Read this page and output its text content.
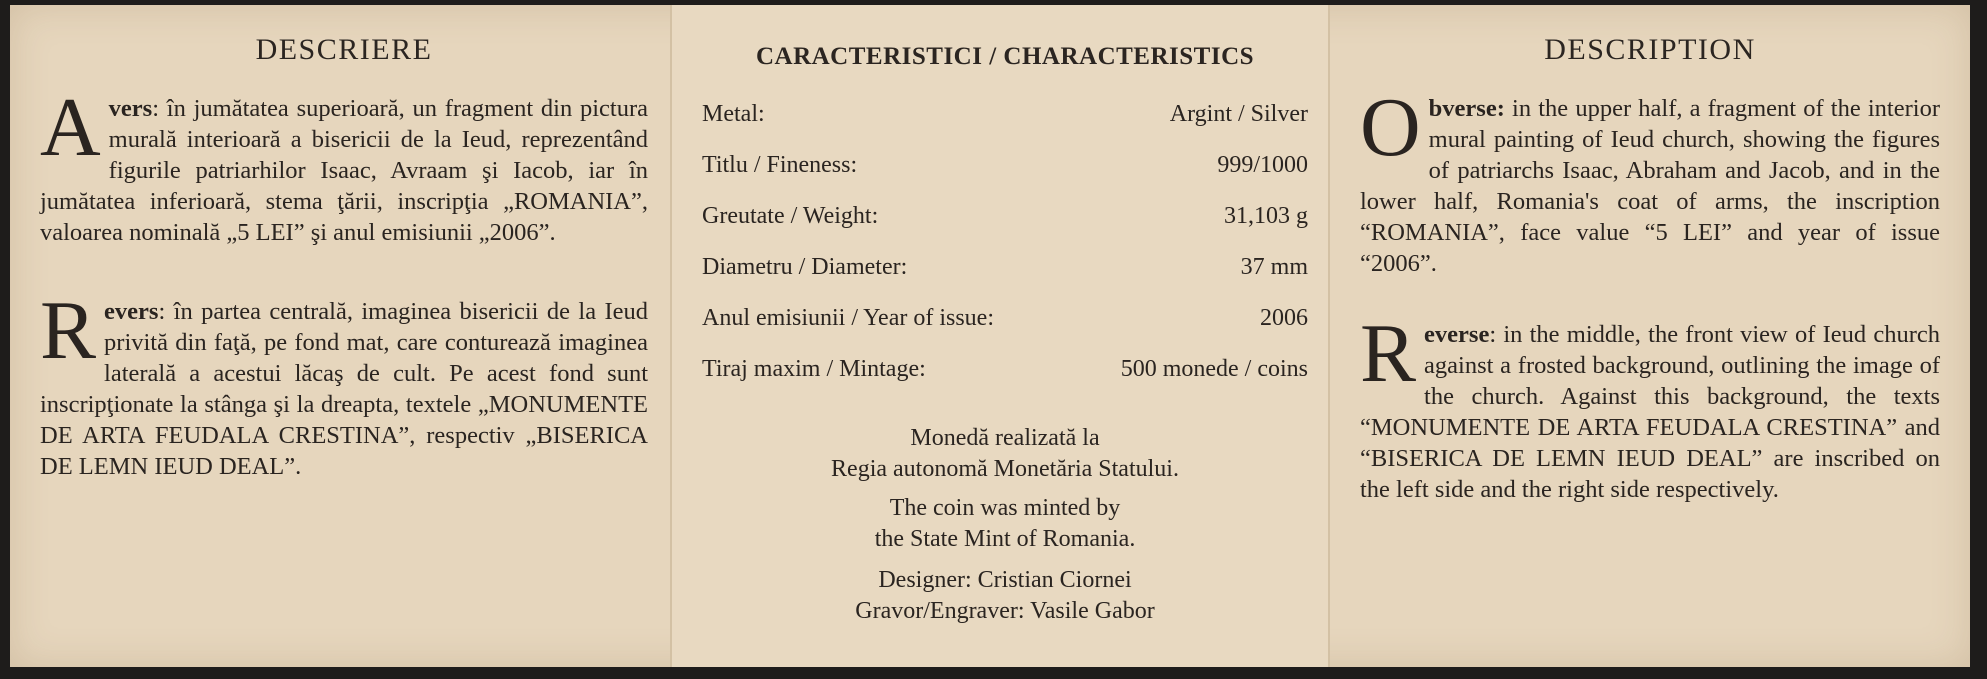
DESCRIERE

Avers: în jumătatea superioară, un fragment din pictura murală interioară a bisericii de la Ieud, reprezentând figurile patriarhilor Isaac, Avraam şi Iacob, iar în jumătatea inferioară, stema ţării, inscripţia „ROMANIA”, valoarea nominală „5 LEI” şi anul emisiunii „2006”.

Revers: în partea centrală, imaginea bisericii de la Ieud privită din faţă, pe fond mat, care conturează imaginea laterală a acestui lăcaş de cult. Pe acest fond sunt inscripţionate la stânga şi la dreapta, textele „MONUMENTE DE ARTA FEUDALA CRESTINA”, respectiv „BISERICA DE LEMN IEUD DEAL”.

CARACTERISTICI / CHARACTERISTICS
Metal:	Argint / Silver
Titlu / Fineness:	999/1000
Greutate / Weight:	31,103 g
Diametru / Diameter:	37 mm
Anul emisiunii / Year of issue:	2006
Tiraj maxim / Mintage:	500 monede / coins
Monedă realizată la
Regia autonomă Monetăria Statului.
The coin was minted by
the State Mint of Romania.
Designer: Cristian Ciornei
Gravor/Engraver: Vasile Gabor
DESCRIPTION

Obverse: in the upper half, a fragment of the interior mural painting of Ieud church, showing the figures of patriarchs Isaac, Abraham and Jacob, and in the lower half, Romania's coat of arms, the inscription “ROMANIA”, face value “5 LEI” and year of issue “2006”.

Reverse: in the middle, the front view of Ieud church against a frosted background, outlining the image of the church. Against this background, the texts “MONUMENTE DE ARTA FEUDALA CRESTINA” and “BISERICA DE LEMN IEUD DEAL” are inscribed on the left side and the right side respectively.
